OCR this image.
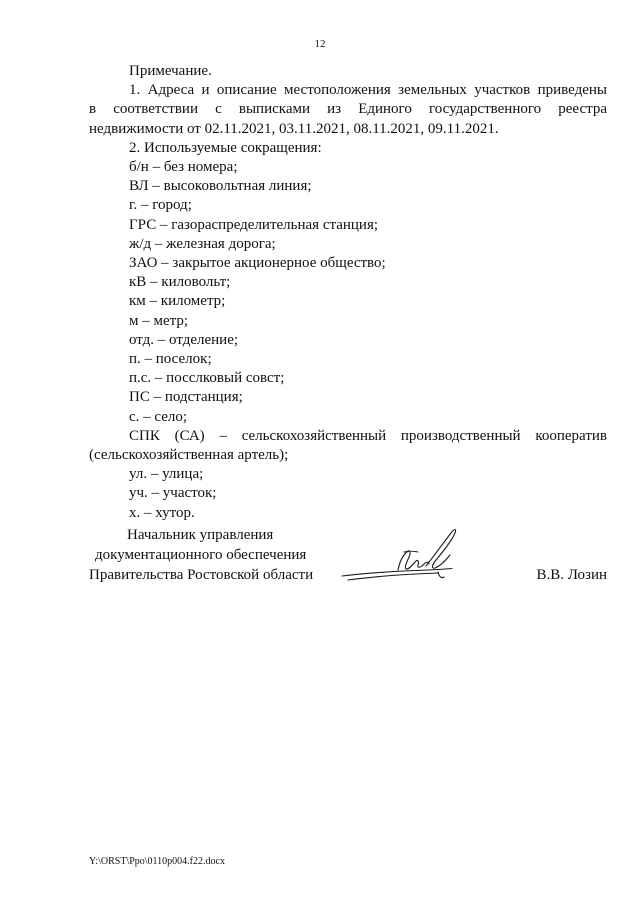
12

Примечание.

1. Адреса и описание местоположения земельных участков приведены

в соответствии с выписками из Единого государственного реестра

недвижимости от 02.11.2021, 03.11.2021, 08.11.2021, 09.11.2021.

2. Используемые сокращения:

б/н – без номера;

ВЛ – высоковольтная линия;

г. – город;

ГРС – газораспределительная станция;

ж/д – железная дорога;

ЗАО – закрытое акционерное общество;

кВ – киловольт;

км – километр;

м – метр;

отд. – отделение;

п. – поселок;

п.с. – посслковый совст;

ПС – подстанция;

с. – село;

СПК (СА) – сельскохозяйственный производственный кооператив

(сельскохозяйственная артель);

ул. – улица;

уч. – участок;

х. – хутор.

Начальник управления
документационного обеспечения
Правительства Ростовской области	В.В. Лозин
Y:\ORST\Ppo\0110p004.f22.docx
